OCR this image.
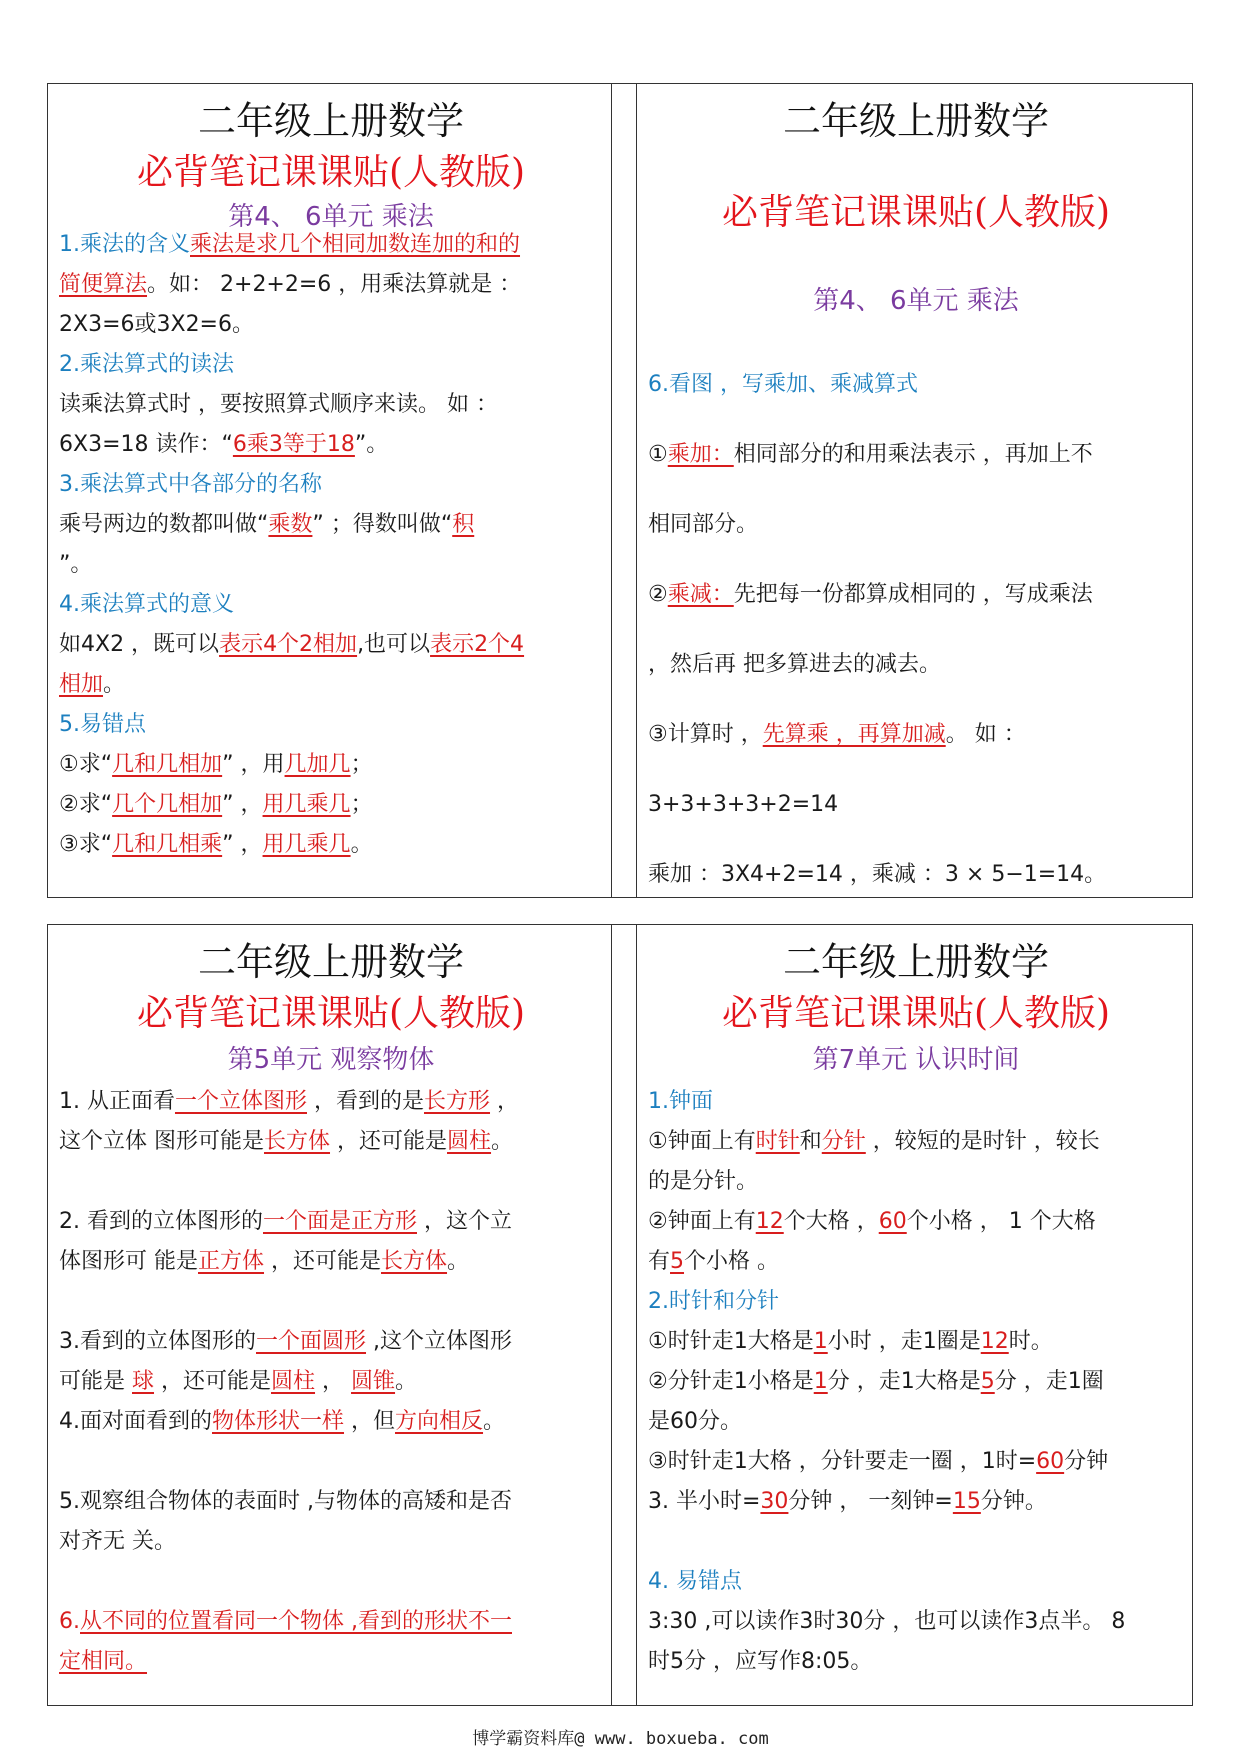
二年级上册数学
必背笔记课课贴(人教版)
第4、 6单元 乘法
1.乘法的含义乘法是求几个相同加数连加的和的
简便算法。如： 2+2+2=6 ，用乘法算就是 ：
2X3=6或3X2=6。
2.乘法算式的读法
读乘法算式时 ，要按照算式顺序来读。 如 ：
6X3=18 读作：“6乘3等于18”。
3.乘法算式中各部分的名称
乘号两边的数都叫做“乘数” ；得数叫做“积
”。
4.乘法算式的意义
如4X2 ，既可以表示4个2相加,也可以表示2个4
相加。
5.易错点
①求“几和几相加” ，用几加几；
②求“几个几相加” ，用几乘几；
③求“几和几相乘” ，用几乘几。
二年级上册数学
必背笔记课课贴(人教版)
第4、 6单元 乘法
6.看图 ，写乘加、乘减算式
①乘加：相同部分的和用乘法表示 ，再加上不
相同部分。
②乘减：先把每一份都算成相同的 ，写成乘法
，然后再 把多算进去的减去。
③计算时 ，先算乘 ，再算加减。 如 ：
3+3+3+3+2=14
乘加 ：3X4+2=14 ，乘减 ：3 × 5−1=14。
二年级上册数学
必背笔记课课贴(人教版)
第5单元 观察物体
1. 从正面看一个立体图形 ，看到的是长方形 ，
这个立体 图形可能是长方体 ，还可能是圆柱。
2. 看到的立体图形的一个面是正方形 ，这个立
体图形可 能是正方体 ，还可能是长方体。
3.看到的立体图形的一个面圆形 ,这个立体图形
可能是 球 ，还可能是圆柱 ， 圆锥。
4.面对面看到的物体形状一样 ，但方向相反。
5.观察组合物体的表面时 ,与物体的高矮和是否
对齐无 关。
6.从不同的位置看同一个物体 ,看到的形状不一
定相同。
二年级上册数学
必背笔记课课贴(人教版)
第7单元 认识时间
1.钟面
①钟面上有时针和分针 ，较短的是时针 ，较长
的是分针。
②钟面上有12个大格 ，60个小格 ， 1 个大格
有5个小格 。
2.时针和分针
①时针走1大格是1小时 ，走1圈是12时。
②分针走1小格是1分 ，走1大格是5分 ，走1圈
是60分。
③时针走1大格 ，分针要走一圈 ，1时=60分钟
3. 半小时=30分钟 ， 一刻钟=15分钟。
4. 易错点
3:30 ,可以读作3时30分 ，也可以读作3点半。 8
时5分 ，应写作8:05。
博学霸资料库@ www. boxueba. com
